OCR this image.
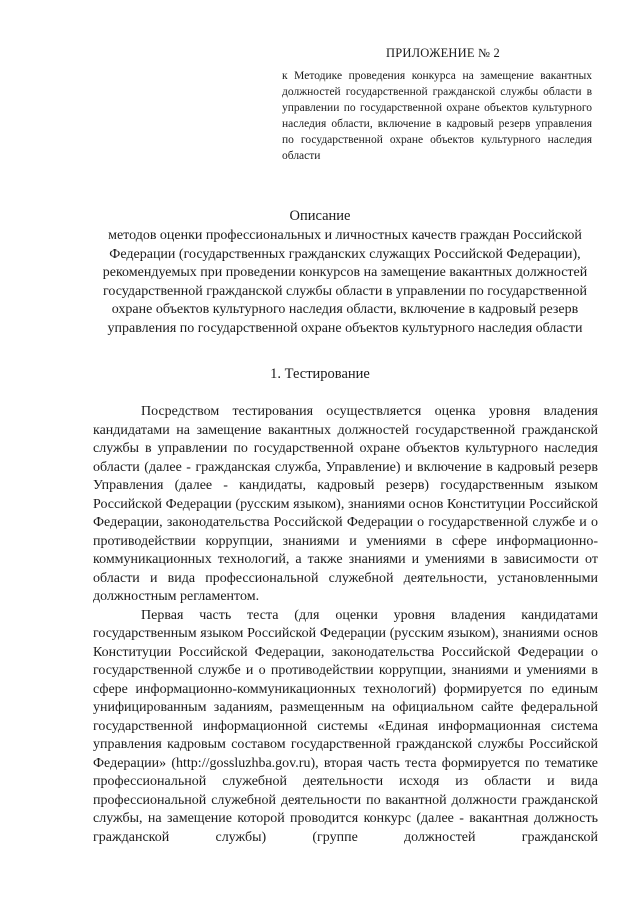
ПРИЛОЖЕНИЕ № 2
к Методике проведения конкурса на замещение вакантных должностей государственной гражданской службы области в управлении по государственной охране объектов культурного наследия области, включение в кадровый резерв управления по государственной охране объектов культурного наследия области
Описание
методов оценки профессиональных и личностных качеств граждан Российской Федерации (государственных гражданских служащих Российской Федерации), рекомендуемых при проведении конкурсов на замещение вакантных должностей государственной гражданской службы области в управлении по государственной охране объектов культурного наследия области, включение в кадровый резерв управления по государственной охране объектов культурного наследия области
1. Тестирование

Посредством тестирования осуществляется оценка уровня владения кандидатами на замещение вакантных должностей государственной гражданской службы в управлении по государственной охране объектов культурного наследия области (далее - гражданская служба, Управление) и включение в кадровый резерв Управления (далее - кандидаты, кадровый резерв) государственным языком Российской Федерации (русским языком), знаниями основ Конституции Российской Федерации, законодательства Российской Федерации о государственной службе и о противодействии коррупции, знаниями и умениями в сфере информационно-коммуникационных технологий, а также знаниями и умениями в зависимости от области и вида профессиональной служебной деятельности, установленными должностным регламентом.

Первая часть теста (для оценки уровня владения кандидатами государственным языком Российской Федерации (русским языком), знаниями основ Конституции Российской Федерации, законодательства Российской Федерации о государственной службе и о противодействии коррупции, знаниями и умениями в сфере информационно-коммуникационных технологий) формируется по единым унифицированным заданиям, размещенным на официальном сайте федеральной государственной информационной системы «Единая информационная система управления кадровым составом государственной гражданской службы Российской Федерации» (http://gossluzhba.gov.ru), вторая часть теста формируется по тематике профессиональной служебной деятельности исходя из области и вида профессиональной служебной деятельности по вакантной должности гражданской службы, на замещение которой проводится конкурс (далее - вакантная должность гражданской службы) (группе должностей гражданской
